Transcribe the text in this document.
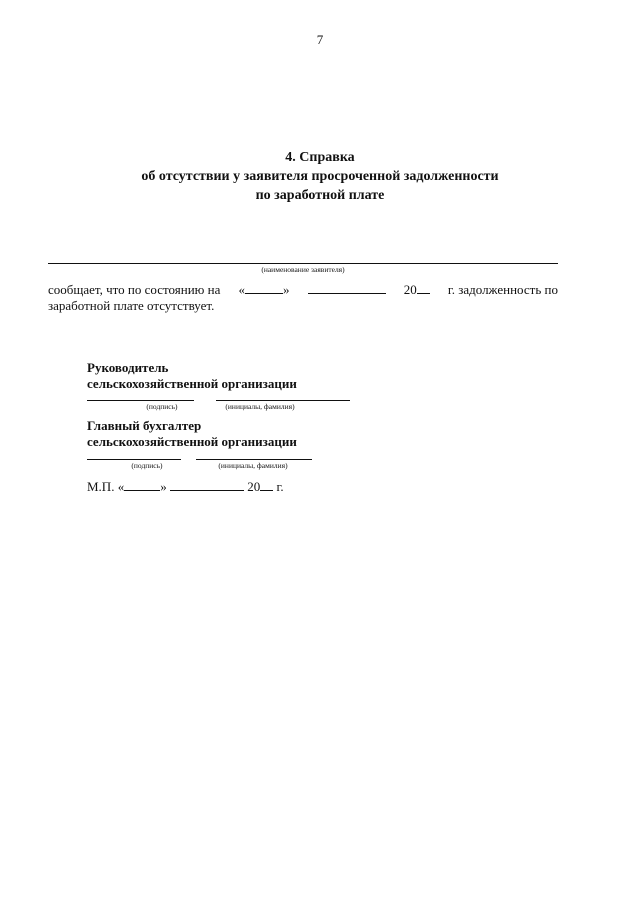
7
4. Справка
об отсутствии у заявителя просроченной задолженности
по заработной плате
(наименование заявителя)
сообщает, что по состоянию на «	»	20	г. задолженность по
заработной плате отсутствует.
Руководитель
сельскохозяйственной организации
(подпись)	(инициалы, фамилия)
Главный бухгалтер
сельскохозяйственной организации
(подпись)	(инициалы, фамилия)
М.П. «	»	20 г.
